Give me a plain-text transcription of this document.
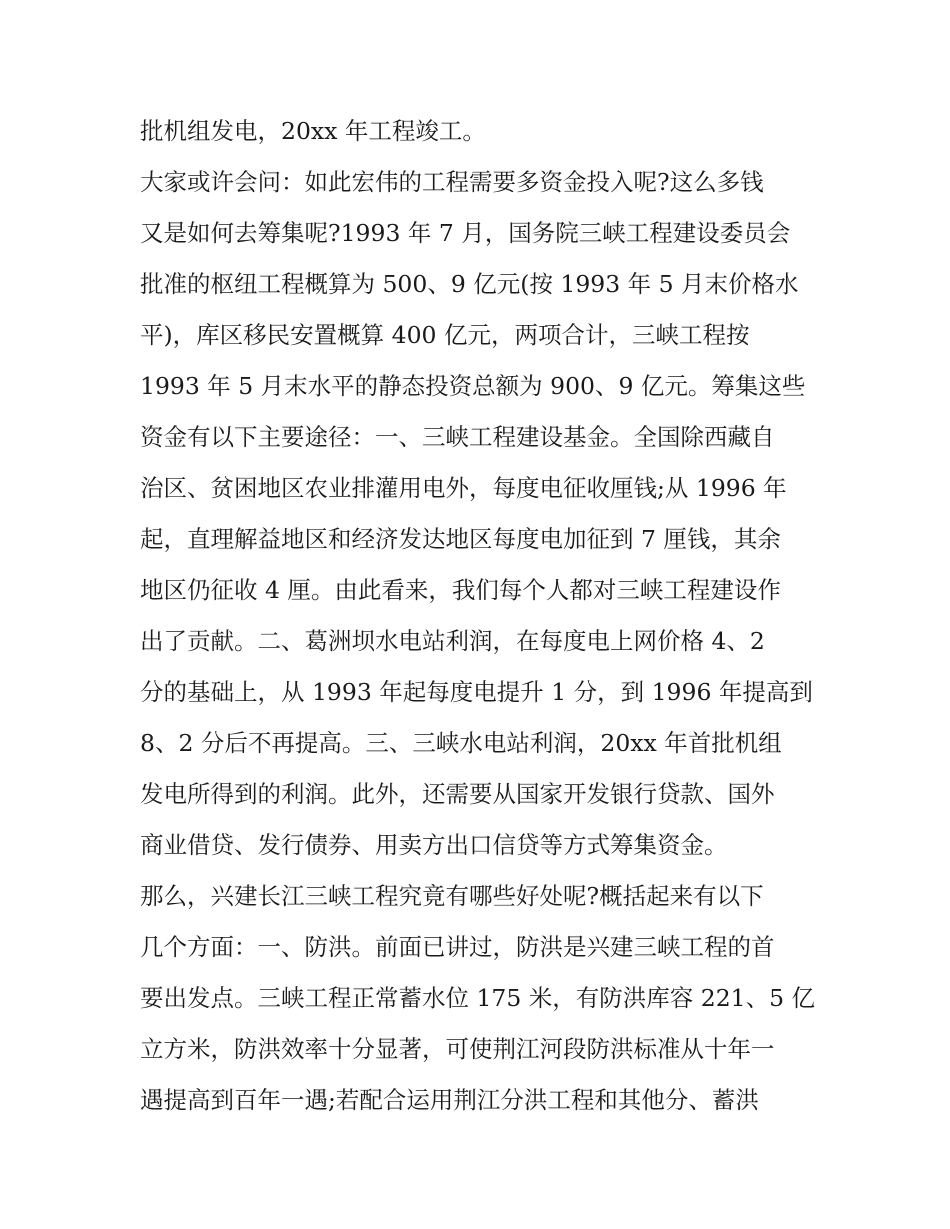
批机组发电，20xx 年工程竣工。
大家或许会问：如此宏伟的工程需要多资金投入呢?这么多钱
又是如何去筹集呢?1993 年 7 月，国务院三峡工程建设委员会
批准的枢纽工程概算为 500、9 亿元(按 1993 年 5 月末价格水
平)，库区移民安置概算 400 亿元，两项合计，三峡工程按
1993 年 5 月末水平的静态投资总额为 900、9 亿元。筹集这些
资金有以下主要途径：一、三峡工程建设基金。全国除西藏自
治区、贫困地区农业排灌用电外，每度电征收厘钱;从 1996 年
起，直理解益地区和经济发达地区每度电加征到 7 厘钱，其余
地区仍征收 4 厘。由此看来，我们每个人都对三峡工程建设作
出了贡献。二、葛洲坝水电站利润，在每度电上网价格 4、2
分的基础上，从 1993 年起每度电提升 1 分，到 1996 年提高到
8、2 分后不再提高。三、三峡水电站利润，20xx 年首批机组
发电所得到的利润。此外，还需要从国家开发银行贷款、国外
商业借贷、发行债券、用卖方出口信贷等方式筹集资金。
那么，兴建长江三峡工程究竟有哪些好处呢?概括起来有以下
几个方面：一、防洪。前面已讲过，防洪是兴建三峡工程的首
要出发点。三峡工程正常蓄水位 175 米，有防洪库容 221、5 亿
立方米，防洪效率十分显著，可使荆江河段防洪标准从十年一
遇提高到百年一遇;若配合运用荆江分洪工程和其他分、蓄洪
